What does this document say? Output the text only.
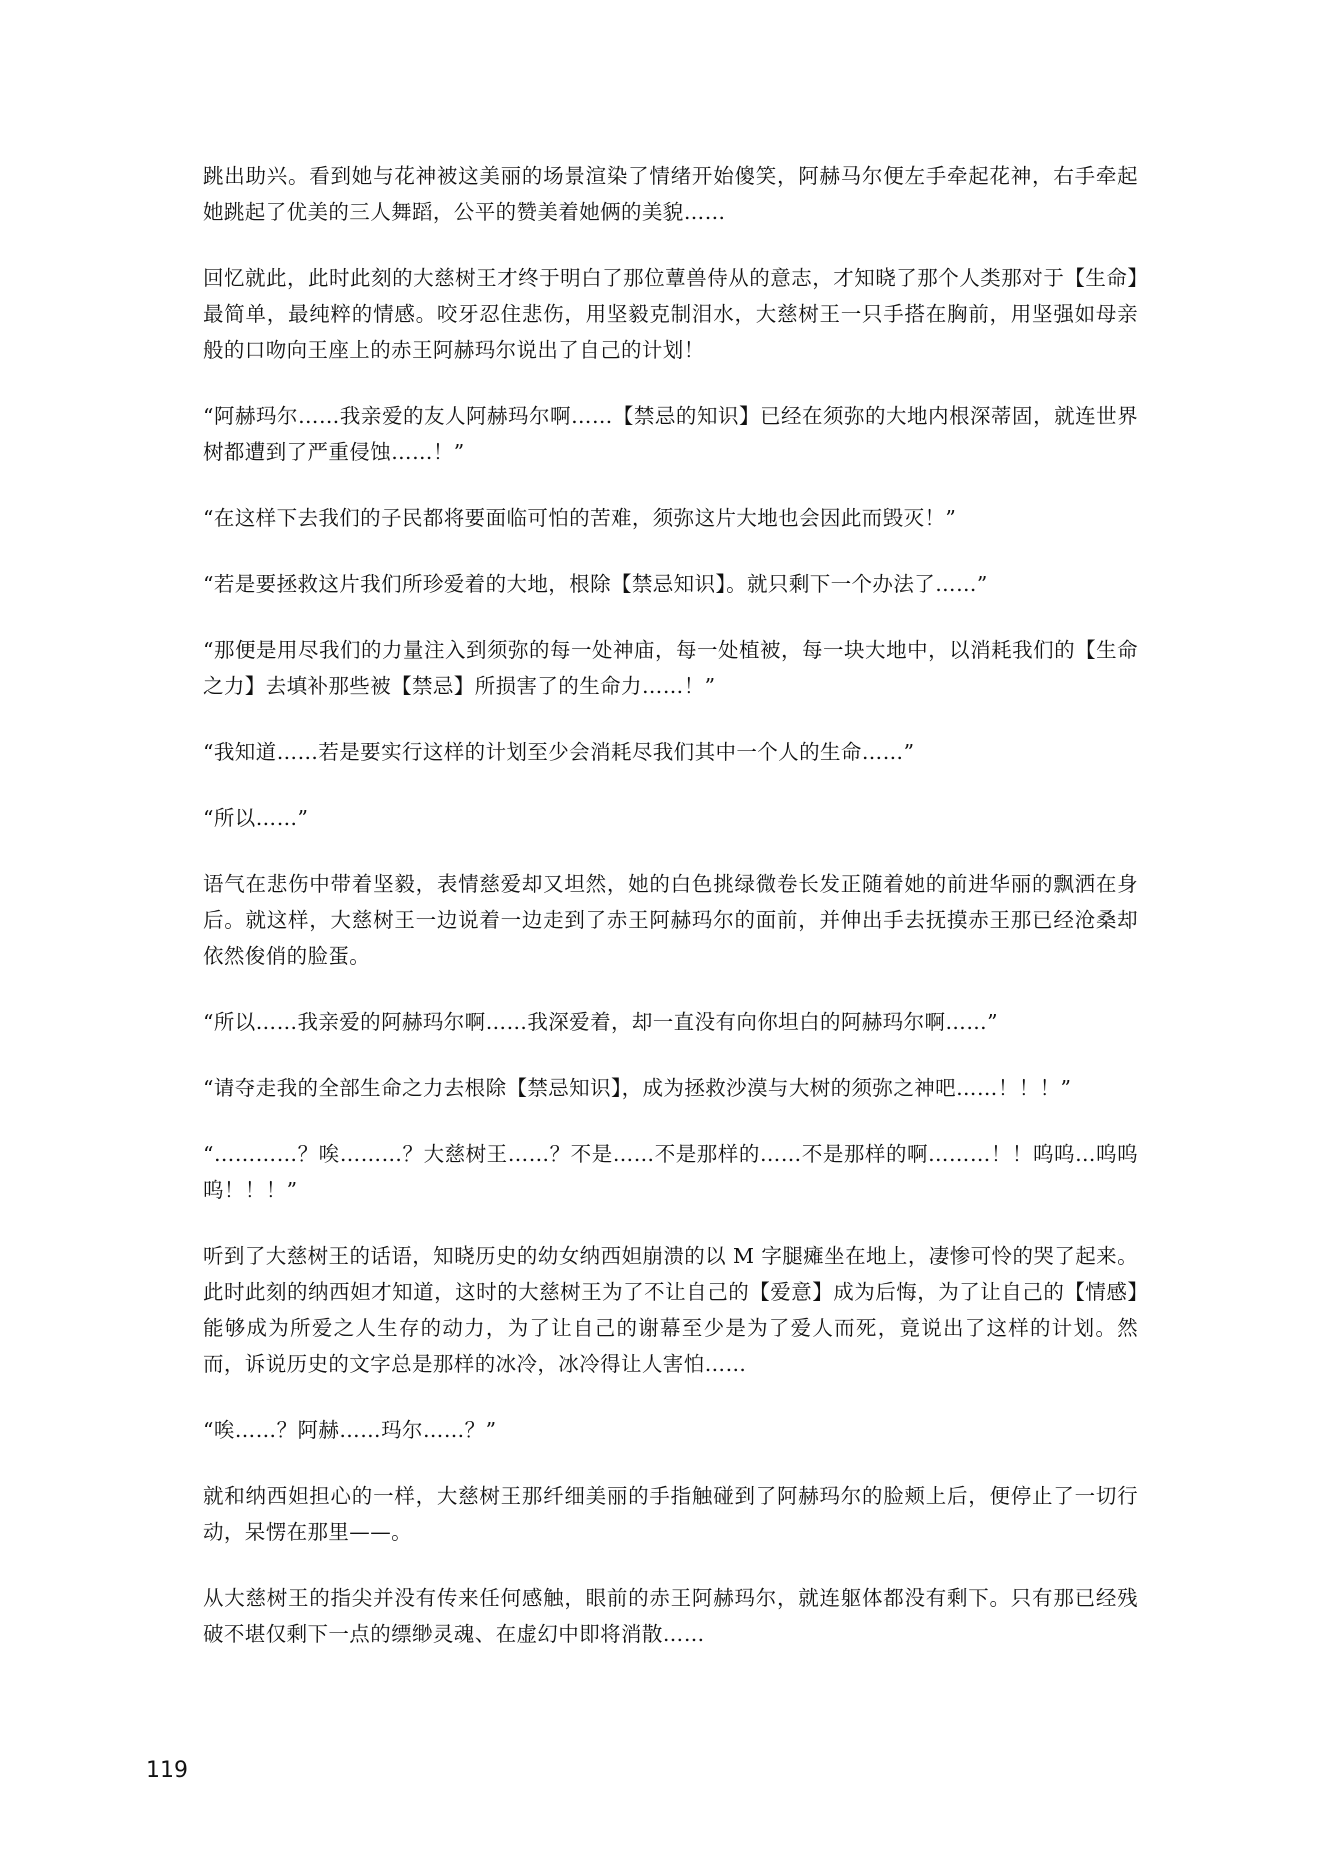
跳出助兴。看到她与花神被这美丽的场景渲染了情绪开始傻笑，阿赫马尔便左手牵起花神，右手牵起她跳起了优美的三人舞蹈，公平的赞美着她俩的美貌……

回忆就此，此时此刻的大慈树王才终于明白了那位蕈兽侍从的意志，才知晓了那个人类那对于【生命】最简单，最纯粹的情感。咬牙忍住悲伤，用坚毅克制泪水，大慈树王一只手搭在胸前，用坚强如母亲般的口吻向王座上的赤王阿赫玛尔说出了自己的计划！

“阿赫玛尔……我亲爱的友人阿赫玛尔啊……【禁忌的知识】已经在须弥的大地内根深蒂固，就连世界树都遭到了严重侵蚀……！”

“在这样下去我们的子民都将要面临可怕的苦难，须弥这片大地也会因此而毁灭！”

“若是要拯救这片我们所珍爱着的大地，根除【禁忌知识】。就只剩下一个办法了……”

“那便是用尽我们的力量注入到须弥的每一处神庙，每一处植被，每一块大地中，以消耗我们的【生命之力】去填补那些被【禁忌】所损害了的生命力……！”

“我知道……若是要实行这样的计划至少会消耗尽我们其中一个人的生命……”

“所以……”

语气在悲伤中带着坚毅，表情慈爱却又坦然，她的白色挑绿微卷长发正随着她的前进华丽的飘洒在身后。就这样，大慈树王一边说着一边走到了赤王阿赫玛尔的面前，并伸出手去抚摸赤王那已经沧桑却依然俊俏的脸蛋。

“所以……我亲爱的阿赫玛尔啊……我深爱着，却一直没有向你坦白的阿赫玛尔啊……”

“请夺走我的全部生命之力去根除【禁忌知识】，成为拯救沙漠与大树的须弥之神吧……！！！”

“…………？唉………？大慈树王……？不是……不是那样的……不是那样的啊………！！呜呜…呜呜呜！！！”

听到了大慈树王的话语，知晓历史的幼女纳西妲崩溃的以 M 字腿瘫坐在地上，凄惨可怜的哭了起来。此时此刻的纳西妲才知道，这时的大慈树王为了不让自己的【爱意】成为后悔，为了让自己的【情感】能够成为所爱之人生存的动力，为了让自己的谢幕至少是为了爱人而死，竟说出了这样的计划。然而，诉说历史的文字总是那样的冰冷，冰冷得让人害怕……

“唉……？阿赫……玛尔……？”

就和纳西妲担心的一样，大慈树王那纤细美丽的手指触碰到了阿赫玛尔的脸颊上后，便停止了一切行动，呆愣在那里——。

从大慈树王的指尖并没有传来任何感触，眼前的赤王阿赫玛尔，就连躯体都没有剩下。只有那已经残破不堪仅剩下一点的缥缈灵魂、在虚幻中即将消散……

119
